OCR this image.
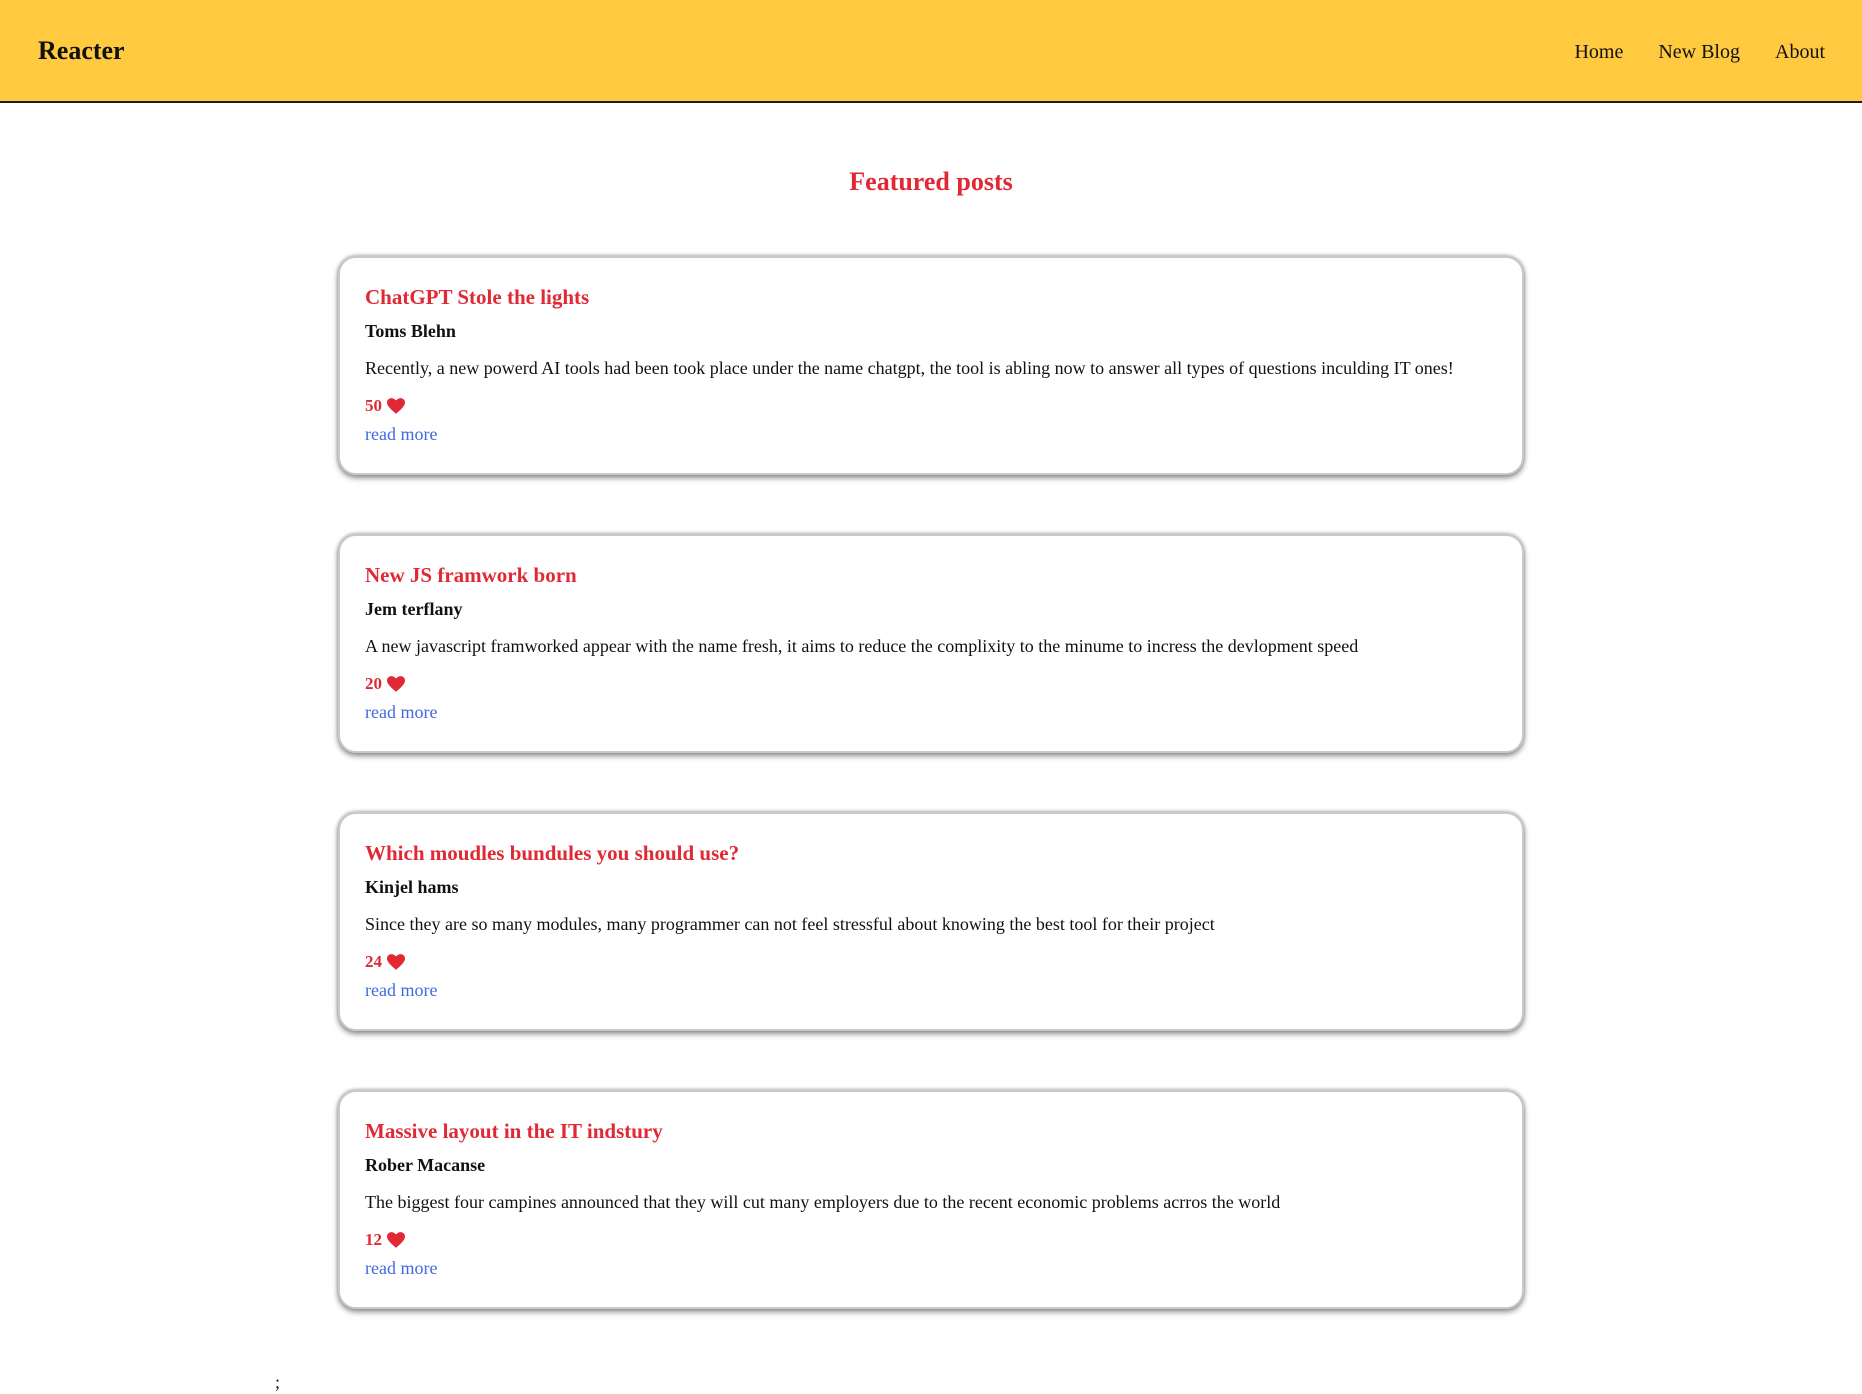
Reacter	Home New Blog About
Featured posts
ChatGPT Stole the lights
Toms Blehn
Recently, a new powerd AI tools had been took place under the name chatgpt, the tool is abling now to answer all types of questions inculding IT ones!
50
read more
New JS framwork born
Jem terflany
A new javascript framworked appear with the name fresh, it aims to reduce the complixity to the minume to incress the devlopment speed
20
read more
Which moudles bundules you should use?
Kinjel hams
Since they are so many modules, many programmer can not feel stressful about knowing the best tool for their project
24
read more
Massive layout in the IT indstury
Rober Macanse
The biggest four campines announced that they will cut many employers due to the recent economic problems acrros the world
12
read more
;
